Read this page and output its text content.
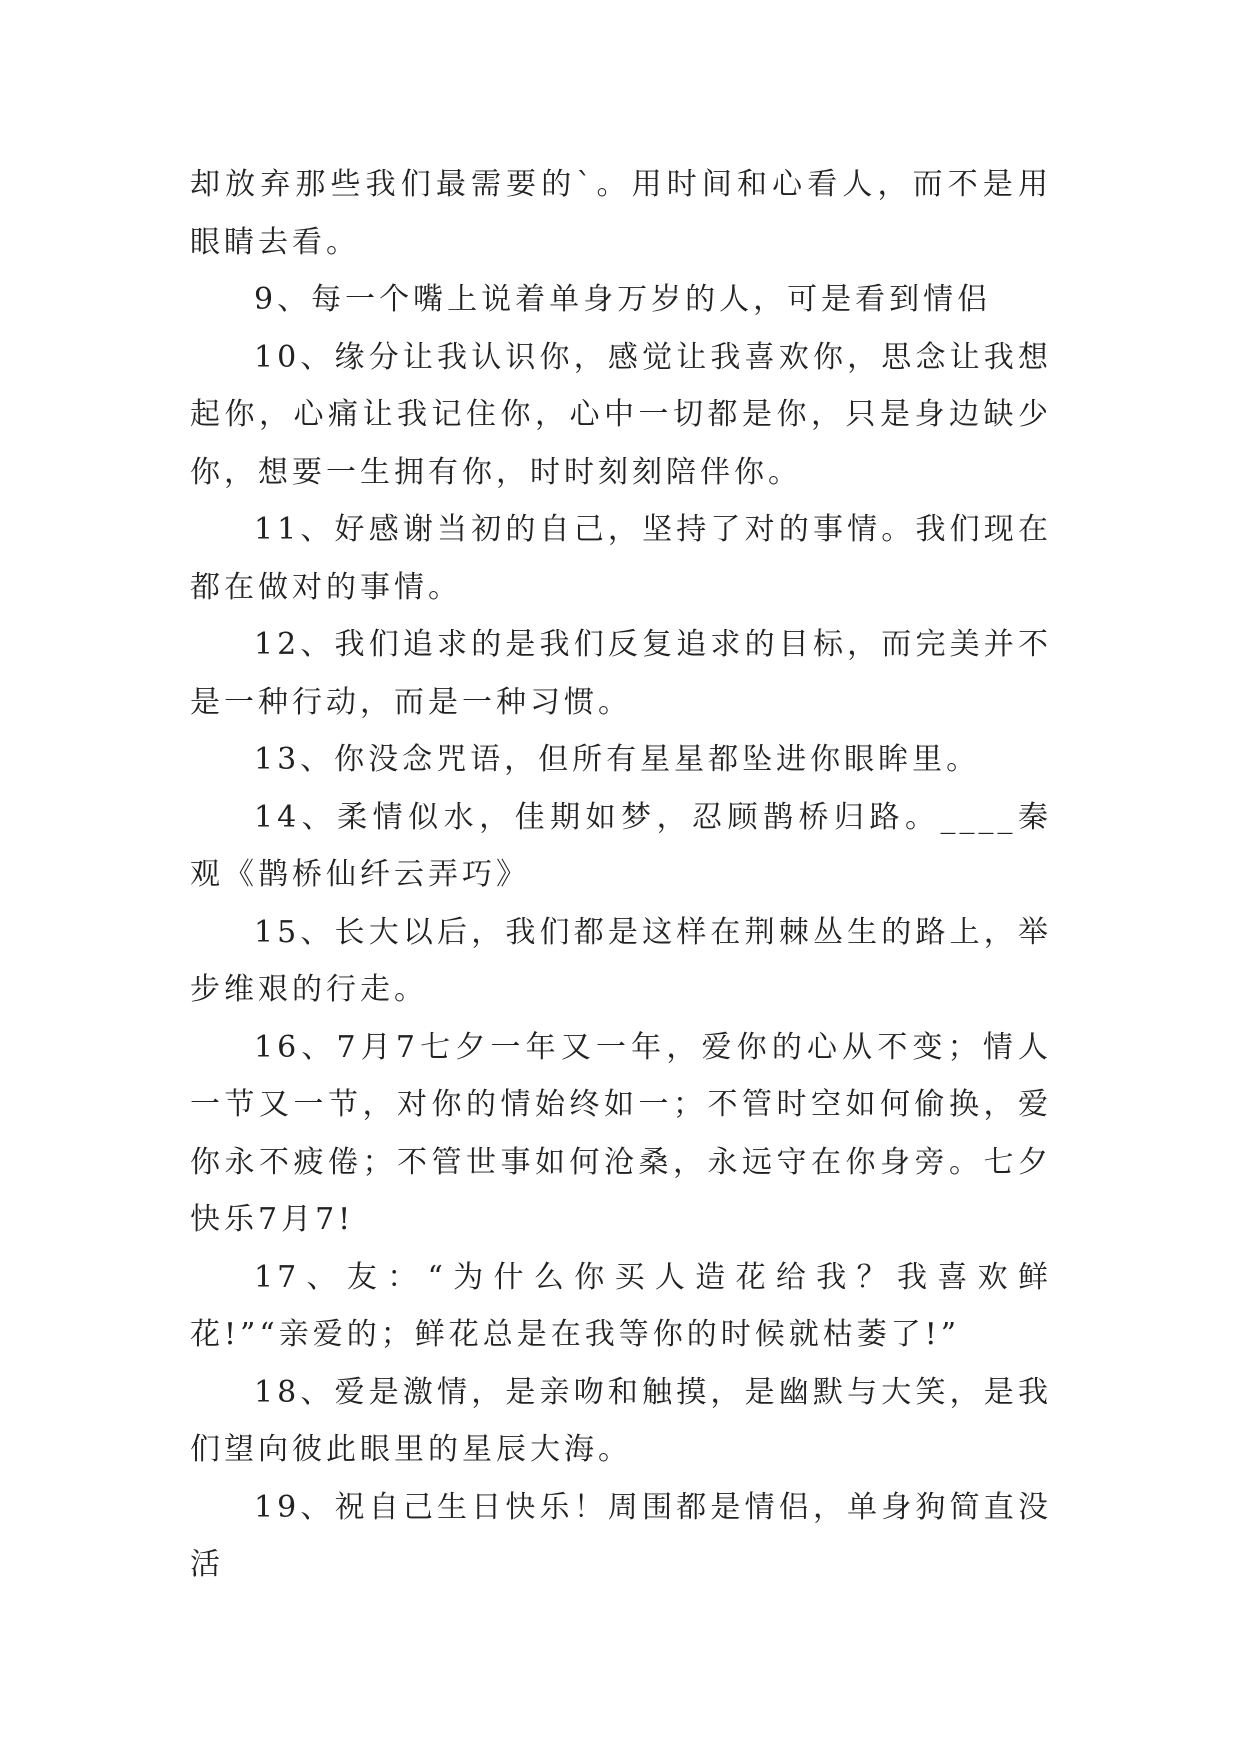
却放弃那些我们最需要的`。用时间和心看人，而不是用眼睛去看。

9、每一个嘴上说着单身万岁的人，可是看到情侣

10、缘分让我认识你，感觉让我喜欢你，思念让我想起你，心痛让我记住你，心中一切都是你，只是身边缺少你，想要一生拥有你，时时刻刻陪伴你。

11、好感谢当初的自己，坚持了对的事情。我们现在都在做对的事情。

12、我们追求的是我们反复追求的目标，而完美并不是一种行动，而是一种习惯。

13、你没念咒语，但所有星星都坠进你眼眸里。

14、柔情似水，佳期如梦，忍顾鹊桥归路。____秦观《鹊桥仙纤云弄巧》

15、长大以后，我们都是这样在荆棘丛生的路上，举步维艰的行走。

16、7月7七夕一年又一年，爱你的心从不变；情人一节又一节，对你的情始终如一；不管时空如何偷换，爱你永不疲倦；不管世事如何沧桑，永远守在你身旁。七夕快乐7月7!

17、友：“为什么你买人造花给我？我喜欢鲜花!”“亲爱的；鲜花总是在我等你的时候就枯萎了!”

18、爱是激情，是亲吻和触摸，是幽默与大笑，是我们望向彼此眼里的星辰大海。

19、祝自己生日快乐！周围都是情侣，单身狗简直没活
